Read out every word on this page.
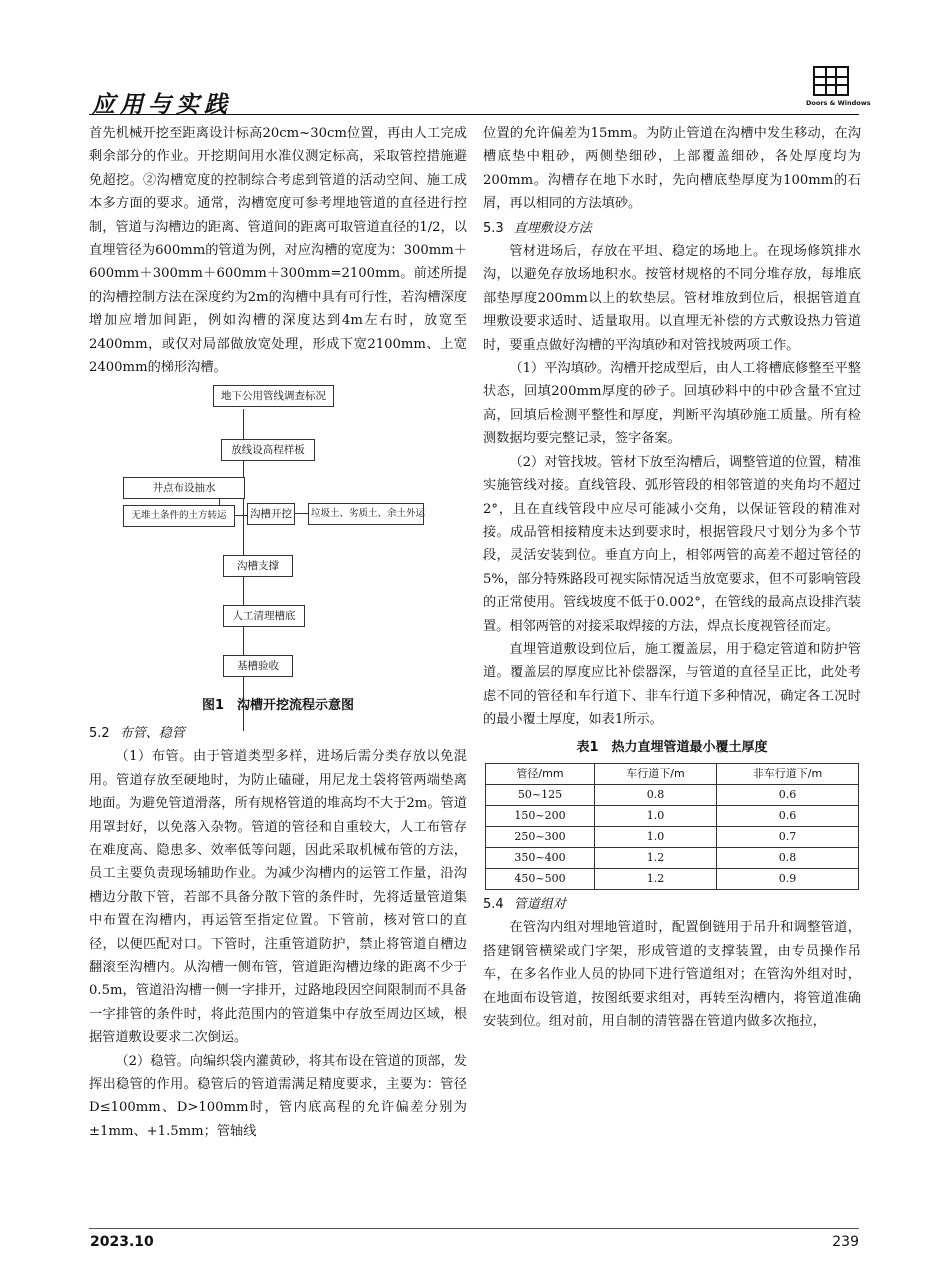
应用与实践	Doors & Windows

首先机械开挖至距离设计标高20cm~30cm位置，再由人工完成剩余部分的作业。开挖期间用水准仪测定标高，采取管控措施避免超挖。②沟槽宽度的控制综合考虑到管道的活动空间、施工成本多方面的要求。通常，沟槽宽度可参考埋地管道的直径进行控制，管道与沟槽边的距离、管道间的距离可取管道直径的1/2，以直埋管径为600mm的管道为例，对应沟槽的宽度为：300mm＋600mm＋300mm＋600mm＋300mm=2100mm。前述所提的沟槽控制方法在深度约为2m的沟槽中具有可行性，若沟槽深度增加应增加间距，例如沟槽的深度达到4m左右时，放宽至2400mm，或仅对局部做放宽处理，形成下宽2100mm、上宽2400mm的梯形沟槽。

地下公用管线调查标况
放线设高程样板
井点布设抽水
无堆土条件的土方转运	沟槽开挖	垃圾土、劣质土、余土外运
沟槽支撑
人工清理槽底
基槽验收
图1　沟槽开挖流程示意图
5.2 布管、稳管

（1）布管。由于管道类型多样，进场后需分类存放以免混用。管道存放至硬地时，为防止磕碰，用尼龙土袋将管两端垫离地面。为避免管道滑落，所有规格管道的堆高均不大于2m。管道用罩封好，以免落入杂物。管道的管径和自重较大，人工布管存在难度高、隐患多、效率低等问题，因此采取机械布管的方法，员工主要负责现场辅助作业。为减少沟槽内的运管工作量，沿沟槽边分散下管，若部不具备分散下管的条件时，先将适量管道集中布置在沟槽内，再运管至指定位置。下管前，核对管口的直径，以便匹配对口。下管时，注重管道防护，禁止将管道自槽边翻滚至沟槽内。从沟槽一侧布管，管道距沟槽边缘的距离不少于0.5m，管道沿沟槽一侧一字排开，过路地段因空间限制而不具备一字排管的条件时，将此范围内的管道集中存放至周边区域，根据管道敷设要求二次倒运。

（2）稳管。向编织袋内灌黄砂，将其布设在管道的顶部，发挥出稳管的作用。稳管后的管道需满足精度要求，主要为：管径D≤100mm、D>100mm时，管内底高程的允许偏差分别为±1mm、+1.5mm；管轴线

位置的允许偏差为15mm。为防止管道在沟槽中发生移动，在沟槽底垫中粗砂，两侧垫细砂，上部覆盖细砂，各处厚度均为200mm。沟槽存在地下水时，先向槽底垫厚度为100mm的石屑，再以相同的方法填砂。

5.3 直埋敷设方法

管材进场后，存放在平坦、稳定的场地上。在现场修筑排水沟，以避免存放场地积水。按管材规格的不同分堆存放，每堆底部垫厚度200mm以上的软垫层。管材堆放到位后，根据管道直埋敷设要求适时、适量取用。以直埋无补偿的方式敷设热力管道时，要重点做好沟槽的平沟填砂和对管找坡两项工作。

（1）平沟填砂。沟槽开挖成型后，由人工将槽底修整至平整状态，回填200mm厚度的砂子。回填砂料中的中砂含量不宜过高，回填后检测平整性和厚度，判断平沟填砂施工质量。所有检测数据均要完整记录，签字备案。

（2）对管找坡。管材下放至沟槽后，调整管道的位置，精准实施管线对接。直线管段、弧形管段的相邻管道的夹角均不超过2°，且在直线管段中应尽可能减小交角，以保证管段的精准对接。成品管相接精度未达到要求时，根据管段尺寸划分为多个节段，灵活安装到位。垂直方向上，相邻两管的高差不超过管径的5%，部分特殊路段可视实际情况适当放宽要求，但不可影响管段的正常使用。管线坡度不低于0.002°，在管线的最高点设排汽装置。相邻两管的对接采取焊接的方法，焊点长度视管径而定。

直埋管道敷设到位后，施工覆盖层，用于稳定管道和防护管道。覆盖层的厚度应比补偿器深，与管道的直径呈正比，此处考虑不同的管径和车行道下、非车行道下多种情况，确定各工况时的最小覆土厚度，如表1所示。

表1　热力直埋管道最小覆土厚度
管径/mm	车行道下/m	非车行道下/m
50~125	0.8	0.6
150~200	1.0	0.6
250~300	1.0	0.7
350~400	1.2	0.8
450~500	1.2	0.9
5.4 管道组对

在管沟内组对埋地管道时，配置倒链用于吊升和调整管道，搭建钢管横梁或门字架，形成管道的支撑装置，由专员操作吊车，在多名作业人员的协同下进行管道组对；在管沟外组对时，在地面布设管道，按图纸要求组对，再转至沟槽内，将管道准确安装到位。组对前，用自制的清管器在管道内做多次拖拉，

2023.10	239
